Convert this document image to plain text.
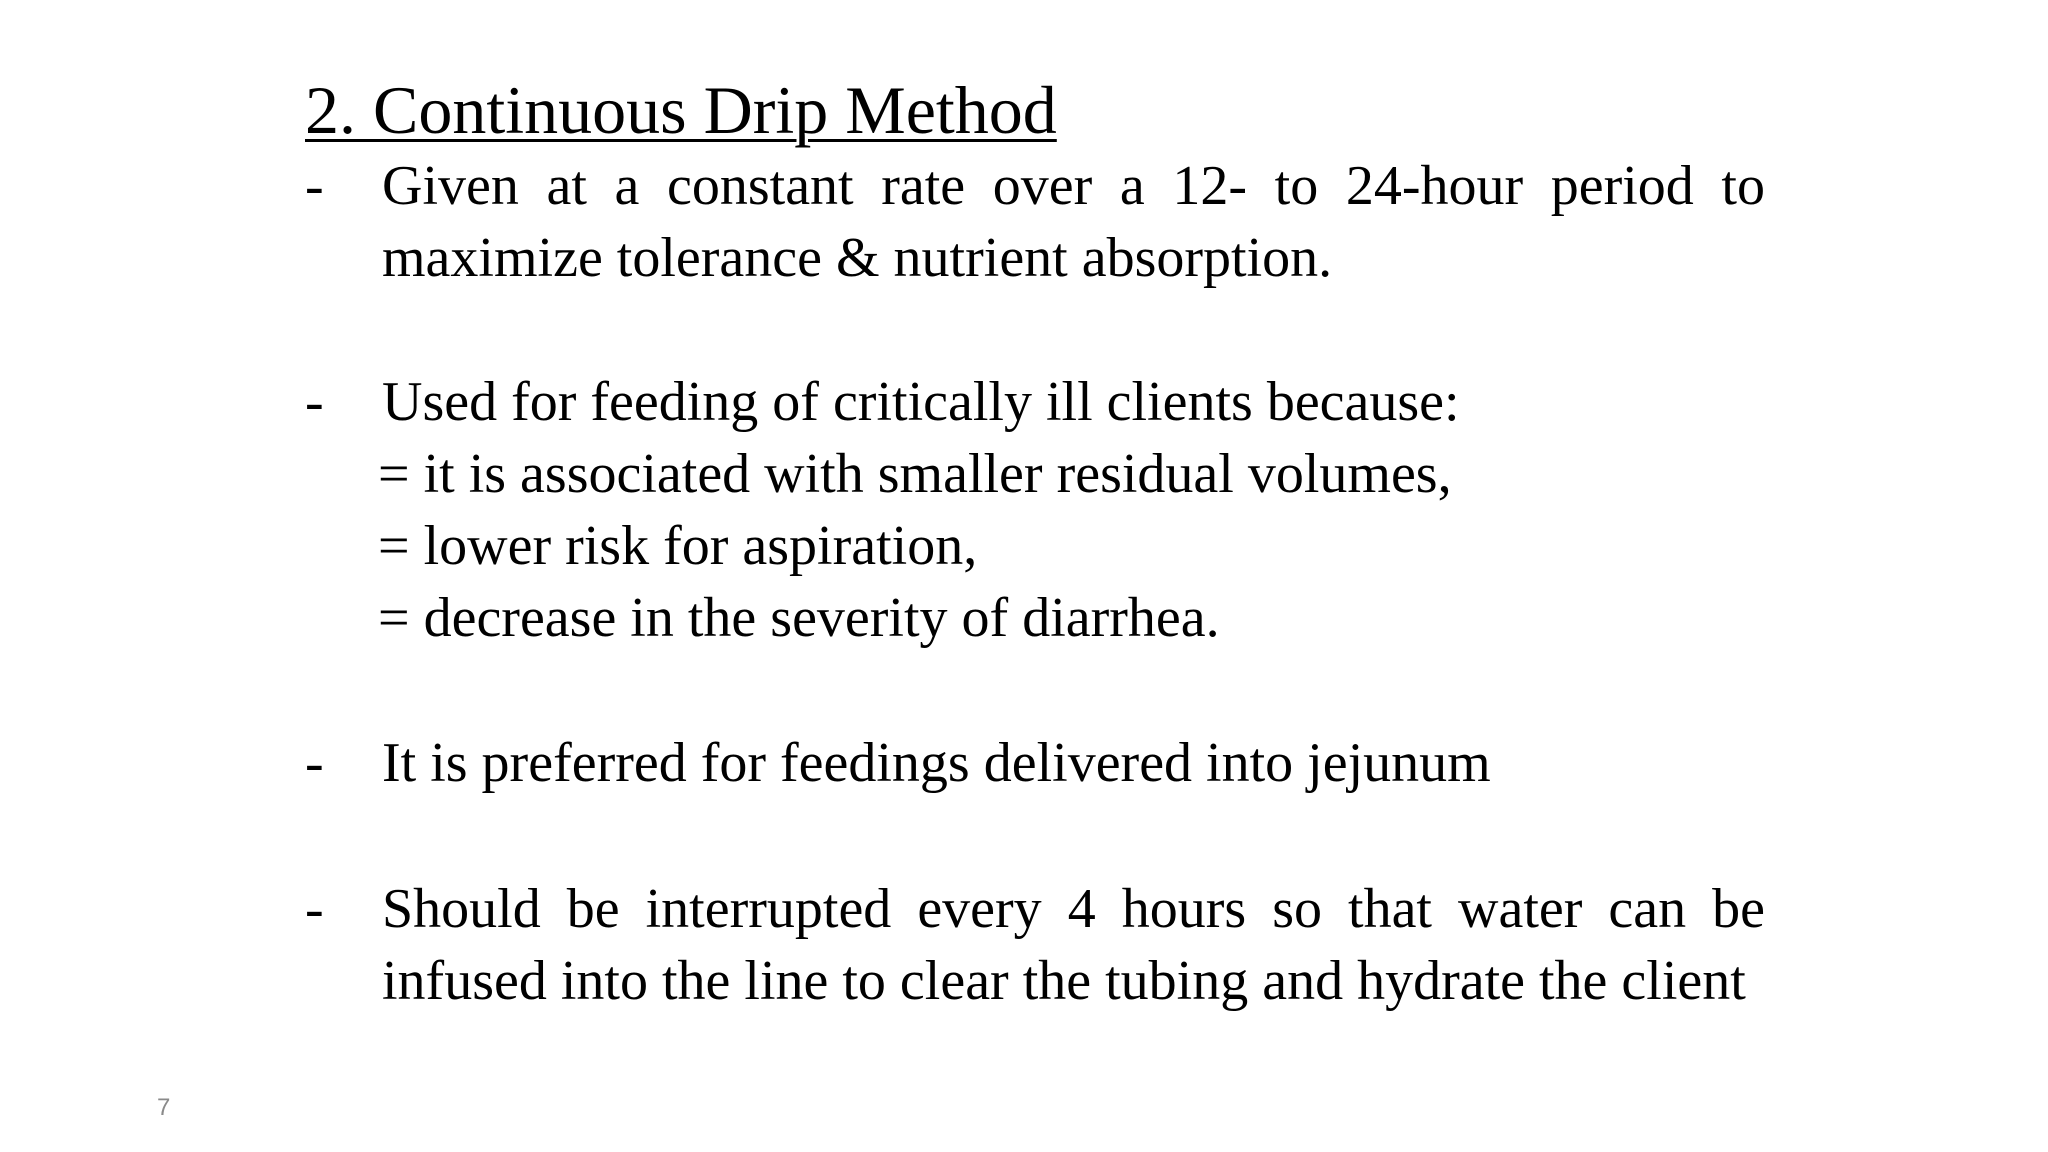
2. Continuous Drip Method
- Given at a constant rate over a 12- to 24-hour period to maximize tolerance & nutrient absorption.
- Used for feeding of critically ill clients because:
= it is associated with smaller residual volumes,
= lower risk for aspiration,
= decrease in the severity of diarrhea.
- It is preferred for feedings delivered into jejunum
- Should be interrupted every 4 hours so that water can be infused into the line to clear the tubing and hydrate the client
7
